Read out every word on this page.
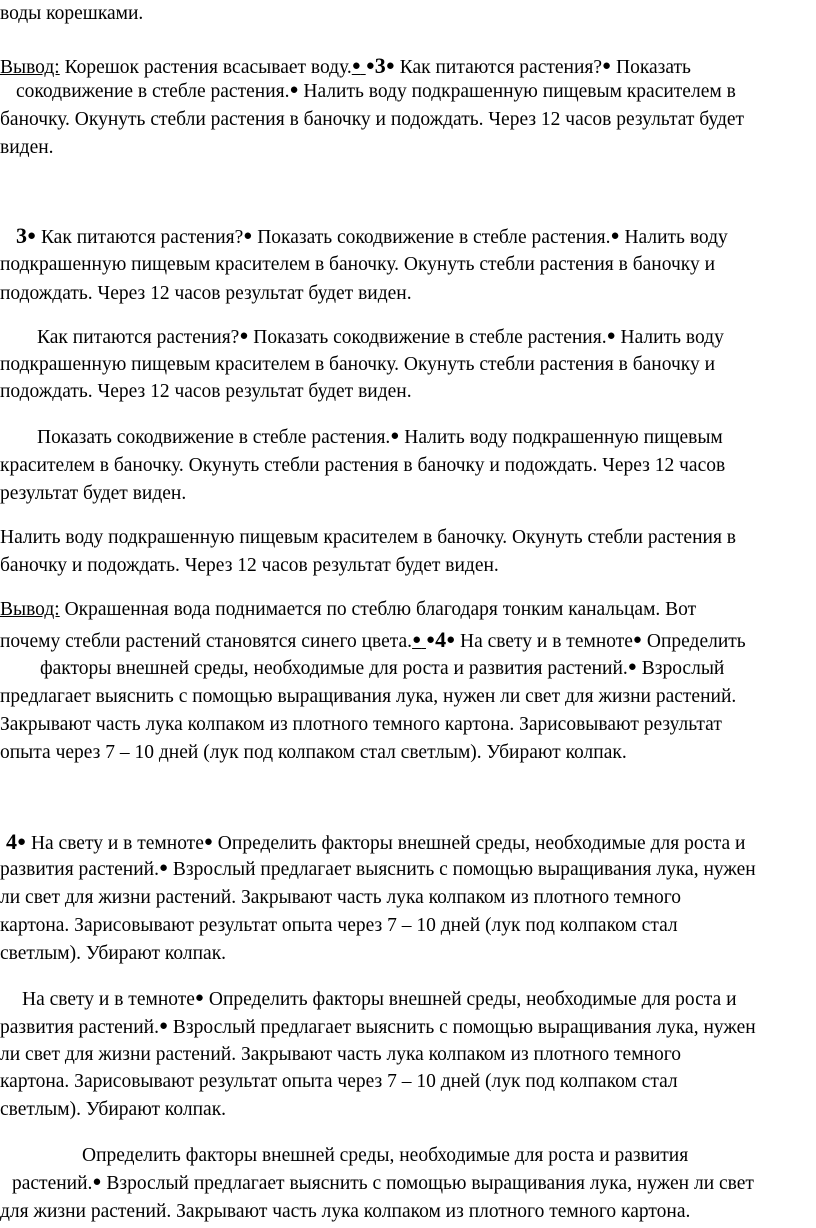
воды корешками.
Вывод: Корешок растения всасывает воду.● ●3● Как питаются растения?● Показать
сокодвижение в стебле растения.● Налить воду подкрашенную пищевым красителем в
баночку. Окунуть стебли растения в баночку и подождать. Через 12 часов результат будет
виден.
3● Как питаются растения?● Показать сокодвижение в стебле растения.● Налить воду
подкрашенную пищевым красителем в баночку. Окунуть стебли растения в баночку и
подождать. Через 12 часов результат будет виден.
Как питаются растения?● Показать сокодвижение в стебле растения.● Налить воду
подкрашенную пищевым красителем в баночку. Окунуть стебли растения в баночку и
подождать. Через 12 часов результат будет виден.
Показать сокодвижение в стебле растения.● Налить воду подкрашенную пищевым
красителем в баночку. Окунуть стебли растения в баночку и подождать. Через 12 часов
результат будет виден.
Налить воду подкрашенную пищевым красителем в баночку. Окунуть стебли растения в
баночку и подождать. Через 12 часов результат будет виден.
Вывод: Окрашенная вода поднимается по стеблю благодаря тонким канальцам. Вот
почему стебли растений становятся синего цвета.● ●4● На свету и в темноте● Определить
факторы внешней среды, необходимые для роста и развития растений.● Взрослый
предлагает выяснить с помощью выращивания лука, нужен ли свет для жизни растений.
Закрывают часть лука колпаком из плотного темного картона. Зарисовывают результат
опыта через 7 – 10 дней (лук под колпаком стал светлым). Убирают колпак.
4● На свету и в темноте● Определить факторы внешней среды, необходимые для роста и
развития растений.● Взрослый предлагает выяснить с помощью выращивания лука, нужен
ли свет для жизни растений. Закрывают часть лука колпаком из плотного темного
картона. Зарисовывают результат опыта через 7 – 10 дней (лук под колпаком стал
светлым). Убирают колпак.
На свету и в темноте● Определить факторы внешней среды, необходимые для роста и
развития растений.● Взрослый предлагает выяснить с помощью выращивания лука, нужен
ли свет для жизни растений. Закрывают часть лука колпаком из плотного темного
картона. Зарисовывают результат опыта через 7 – 10 дней (лук под колпаком стал
светлым). Убирают колпак.
Определить факторы внешней среды, необходимые для роста и развития
растений.● Взрослый предлагает выяснить с помощью выращивания лука, нужен ли свет
для жизни растений. Закрывают часть лука колпаком из плотного темного картона.
